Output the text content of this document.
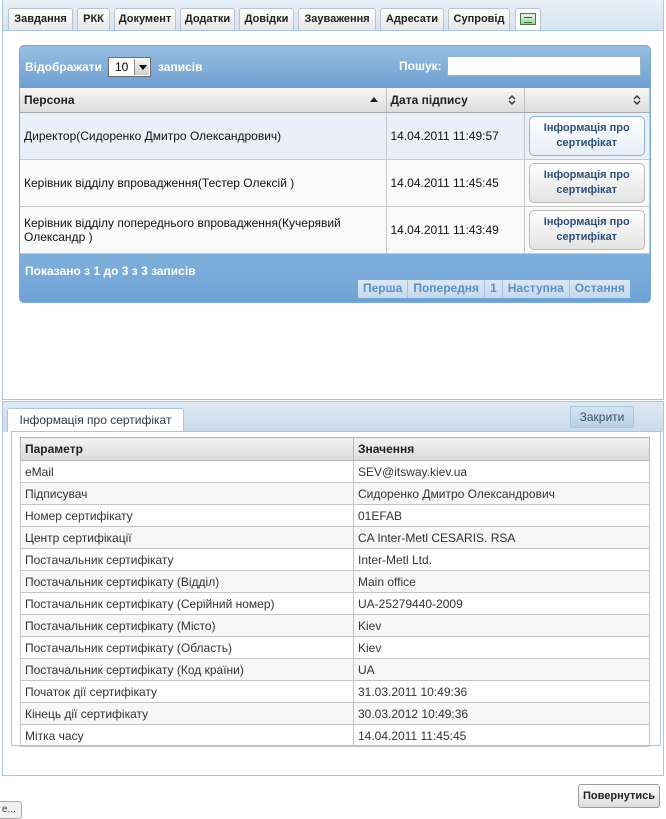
Завдання	РКК	Документ	Додатки	Довідки	Зауваження	Адресати	Супровід
Відображати	10	записів	Пошук:
Персона	Дата підпису

Директор(Сидоренко Дмитро Олександрович)	14.04.2011 11:49:57	Інформація про сертифікат

Керівник відділу впровадження(Тестер Олексій )	14.04.2011 11:45:45	Інформація про сертифікат

Керівник відділу попереднього впровадження(Кучерявий Олександр )	14.04.2011 11:43:49	Інформація про сертифікат
Показано з 1 до 3 з 3 записів
Перша Попередня 1 Наступна Остання
Інформація про сертифікат	Закрити
Параметр	Значення
eMail	SEV@itsway.kiev.ua
Підписувач	Сидоренко Дмитро Олександрович
Номер сертифікату	01EFAB
Центр сертифікації	CA Inter-Metl CESARIS. RSA
Постачальник сертифікату	Inter-Metl Ltd.
Постачальник сертифікату (Відділ)	Main office
Постачальник сертифікату (Серійний номер)	UA-25279440-2009
Постачальник сертифікату (Місто)	Kiev
Постачальник сертифікату (Область)	Kiev
Постачальник сертифікату (Код країни)	UA
Початок дії сертифікату	31.03.2011 10:49:36
Кінець дії сертифікату	30.03.2012 10:49:36
Мітка часу	14.04.2011 11:45:45
Повернутись
e...
